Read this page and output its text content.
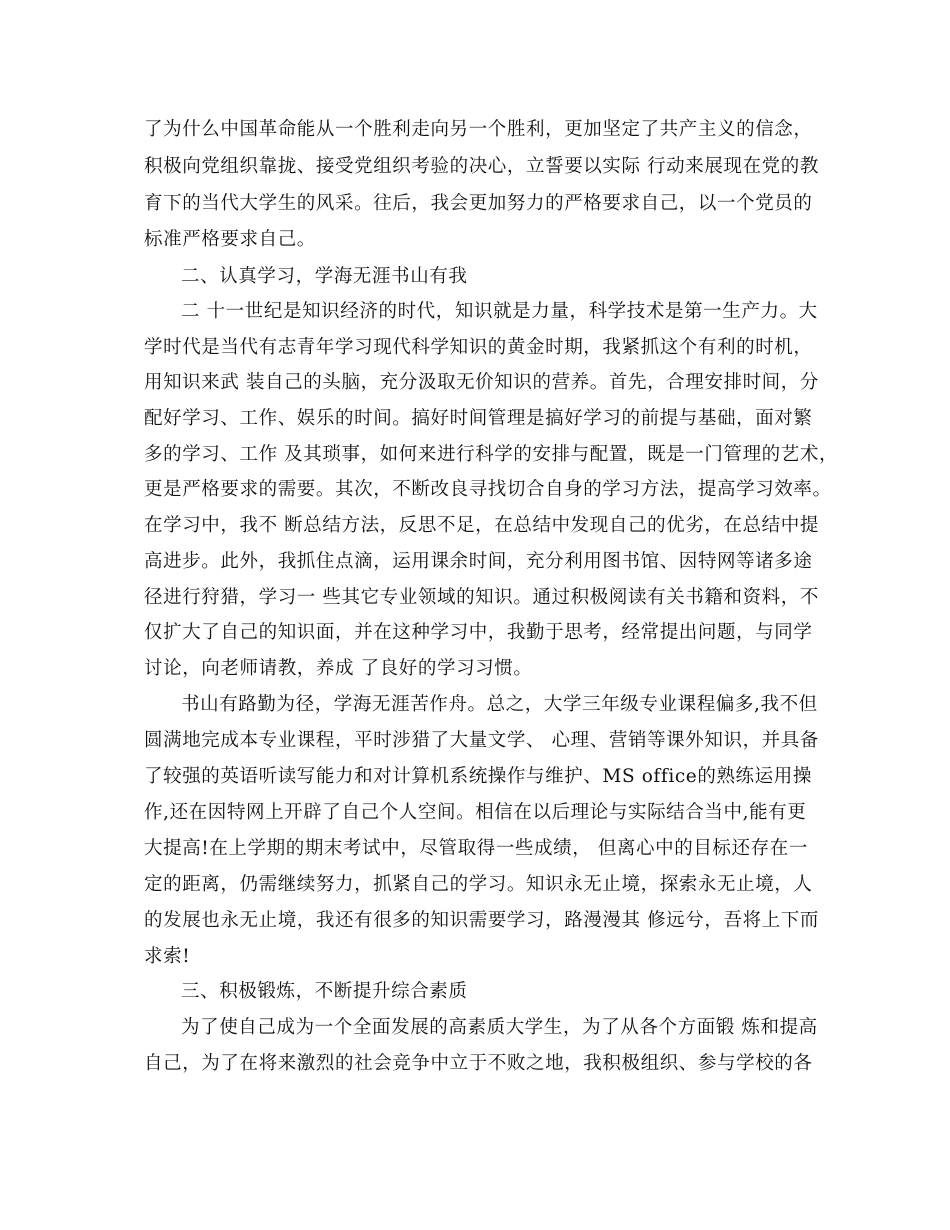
了为什么中国革命能从一个胜利走向另一个胜利，更加坚定了共产主义的信念，
积极向党组织靠拢、接受党组织考验的决心，立誓要以实际 行动来展现在党的教
育下的当代大学生的风采。往后，我会更加努力的严格要求自己，以一个党员的
标准严格要求自己。
二、认真学习，学海无涯书山有我
二 十一世纪是知识经济的时代，知识就是力量，科学技术是第一生产力。大
学时代是当代有志青年学习现代科学知识的黄金时期，我紧抓这个有利的时机，
用知识来武 装自己的头脑，充分汲取无价知识的营养。首先，合理安排时间，分
配好学习、工作、娱乐的时间。搞好时间管理是搞好学习的前提与基础，面对繁
多的学习、工作 及其琐事，如何来进行科学的安排与配置，既是一门管理的艺术，
更是严格要求的需要。其次，不断改良寻找切合自身的学习方法，提高学习效率。
在学习中，我不 断总结方法，反思不足，在总结中发现自己的优劣，在总结中提
高进步。此外，我抓住点滴，运用课余时间，充分利用图书馆、因特网等诸多途
径进行狩猎，学习一 些其它专业领域的知识。通过积极阅读有关书籍和资料，不
仅扩大了自己的知识面，并在这种学习中，我勤于思考，经常提出问题，与同学
讨论，向老师请教，养成 了良好的学习习惯。
书山有路勤为径，学海无涯苦作舟。总之，大学三年级专业课程偏多,我不但
圆满地完成本专业课程，平时涉猎了大量文学、 心理、营销等课外知识，并具备
了较强的英语听读写能力和对计算机系统操作与维护、MS office的熟练运用操
作,还在因特网上开辟了自己个人空间。相信在以后理论与实际结合当中,能有更
大提高!在上学期的期末考试中，尽管取得一些成绩， 但离心中的目标还存在一
定的距离，仍需继续努力，抓紧自己的学习。知识永无止境，探索永无止境，人
的发展也永无止境，我还有很多的知识需要学习，路漫漫其 修远兮，吾将上下而
求索!
三、积极锻炼，不断提升综合素质
为了使自己成为一个全面发展的高素质大学生，为了从各个方面锻 炼和提高
自己，为了在将来激烈的社会竞争中立于不败之地，我积极组织、参与学校的各
